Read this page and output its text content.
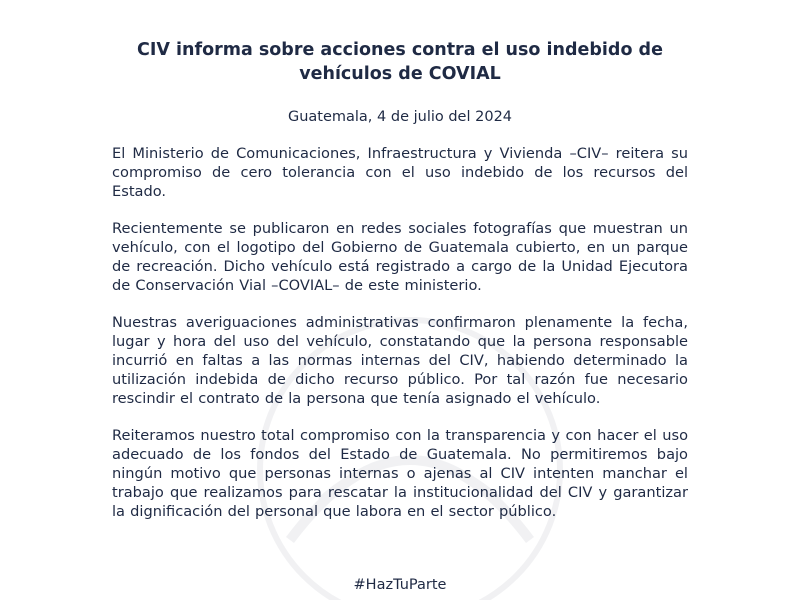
CIV informa sobre acciones contra el uso indebido de
vehículos de COVIAL
Guatemala, 4 de julio del 2024

El Ministerio de Comunicaciones, Infraestructura y Vivienda –CIV– reitera su compromiso de cero tolerancia con el uso indebido de los recursos del Estado.

Recientemente se publicaron en redes sociales fotografías que muestran un vehículo, con el logotipo del Gobierno de Guatemala cubierto, en un parque de recreación. Dicho vehículo está registrado a cargo de la Unidad Ejecutora de Conservación Vial –COVIAL– de este ministerio.

Nuestras averiguaciones administrativas confirmaron plenamente la fecha, lugar y hora del uso del vehículo, constatando que la persona responsable incurrió en faltas a las normas internas del CIV, habiendo determinado la utilización indebida de dicho recurso público. Por tal razón fue necesario rescindir el contrato de la persona que tenía asignado el vehículo.

Reiteramos nuestro total compromiso con la transparencia y con hacer el uso adecuado de los fondos del Estado de Guatemala. No permitiremos bajo ningún motivo que personas internas o ajenas al CIV intenten manchar el trabajo que realizamos para rescatar la institucionalidad del CIV y garantizar la dignificación del personal que labora en el sector público.

#HazTuParte
